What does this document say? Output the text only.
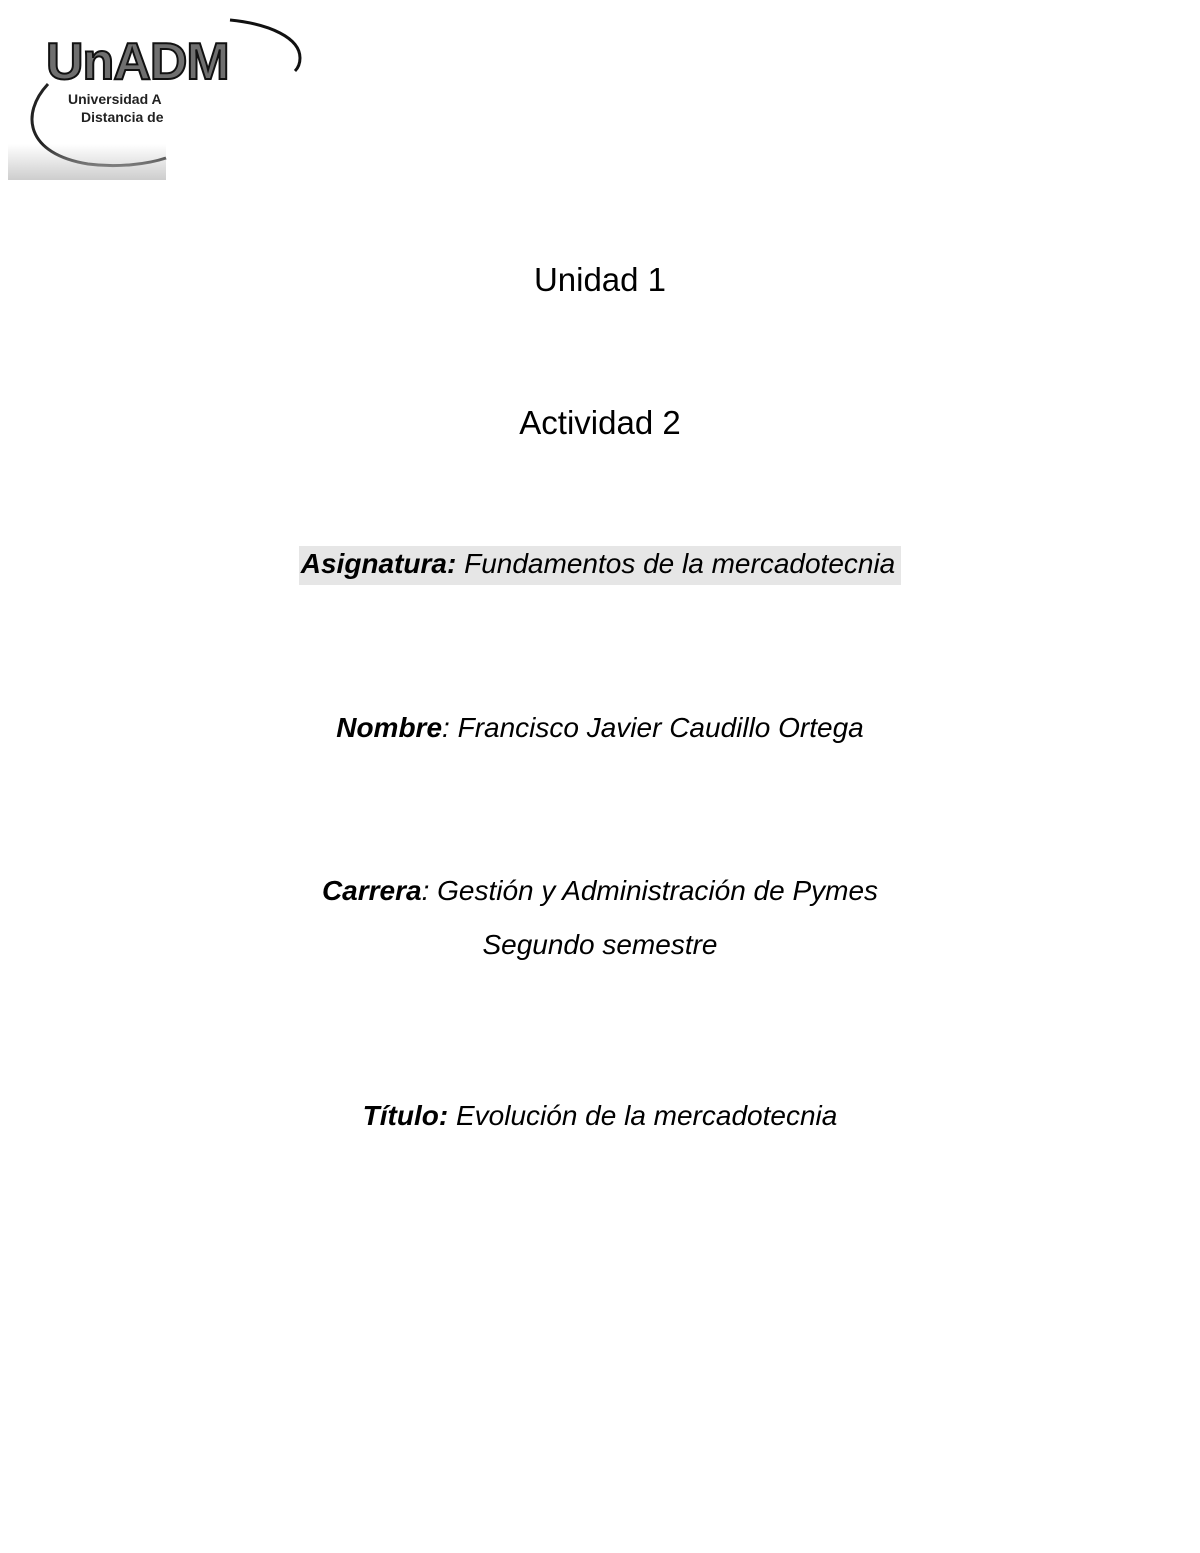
UnADM
Universidad A
Distancia de
Unidad 1
Actividad 2
Asignatura: Fundamentos de la mercadotecnia
Nombre: Francisco Javier Caudillo Ortega
Carrera: Gestión y Administración de Pymes
Segundo semestre
Título: Evolución de la mercadotecnia
